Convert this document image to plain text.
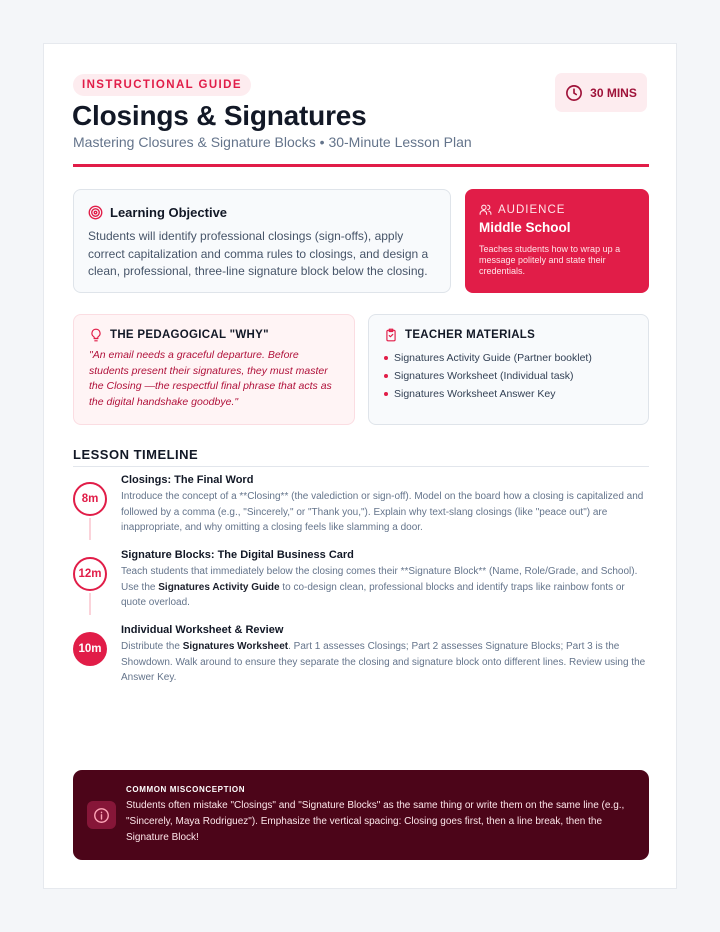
INSTRUCTIONAL GUIDE
30 MINS
Closings & Signatures
Mastering Closures & Signature Blocks • 30-Minute Lesson Plan
Learning Objective

Students will identify professional closings (sign-offs), apply correct capitalization and comma rules to closings, and design a clean, professional, three-line signature block below the closing.

AUDIENCE
Middle School

Teaches students how to wrap up a message politely and state their credentials.

THE PEDAGOGICAL "WHY"

"An email needs a graceful departure. Before students present their signatures, they must master the Closing —the respectful final phrase that acts as the digital handshake goodbye."

TEACHER MATERIALS
Signatures Activity Guide (Partner booklet)
Signatures Worksheet (Individual task)
Signatures Worksheet Answer Key
LESSON TIMELINE
8m
Closings: The Final Word
Introduce the concept of a **Closing** (the valediction or sign-off). Model on the board how a closing is capitalized and followed by a comma (e.g., "Sincerely," or "Thank you,"). Explain why text-slang closings (like "peace out") are inappropriate, and why omitting a closing feels like slamming a door.
12m
Signature Blocks: The Digital Business Card
Teach students that immediately below the closing comes their **Signature Block** (Name, Role/Grade, and School). Use the Signatures Activity Guide to co-design clean, professional blocks and identify traps like rainbow fonts or quote overload.
10m
Individual Worksheet & Review
Distribute the Signatures Worksheet. Part 1 assesses Closings; Part 2 assesses Signature Blocks; Part 3 is the Showdown. Walk around to ensure they separate the closing and signature block onto different lines. Review using the Answer Key.
COMMON MISCONCEPTION

Students often mistake "Closings" and "Signature Blocks" as the same thing or write them on the same line (e.g., "Sincerely, Maya Rodriguez"). Emphasize the vertical spacing: Closing goes first, then a line break, then the Signature Block!
